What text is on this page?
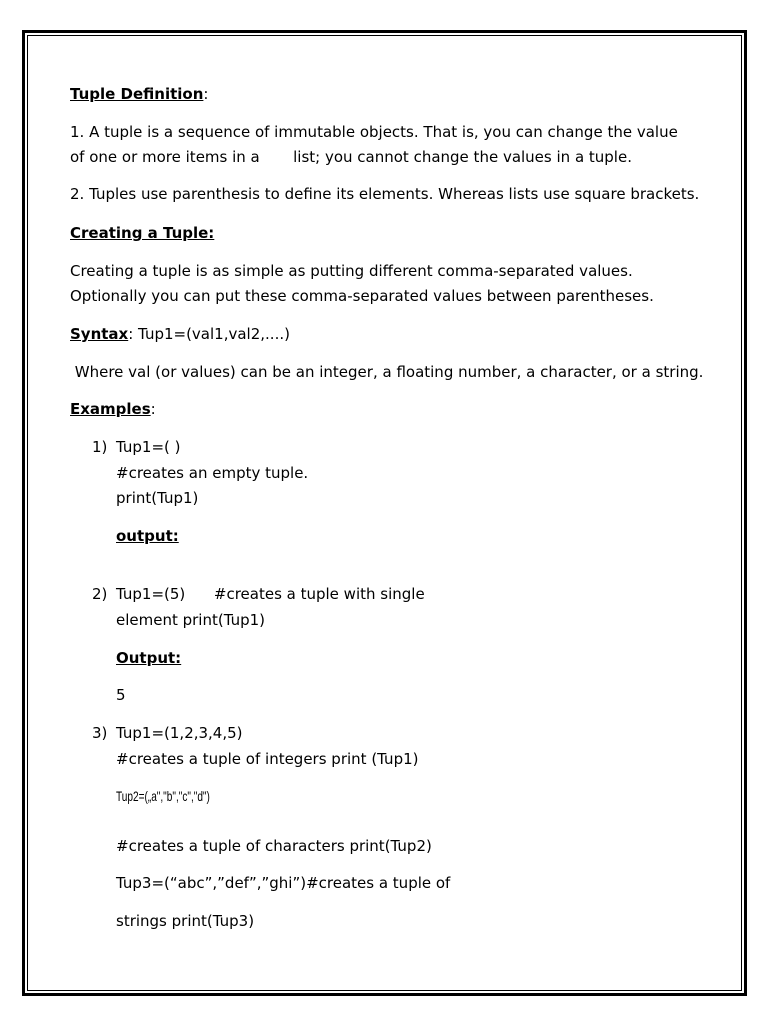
Tuple Definition:
1. A tuple is a sequence of immutable objects. That is, you can change the value
of one or more items in a       list; you cannot change the values in a tuple.
2. Tuples use parenthesis to define its elements. Whereas lists use square brackets.
Creating a Tuple:
Creating a tuple is as simple as putting different comma-separated values.
Optionally you can put these comma-separated values between parentheses.
Syntax: Tup1=(val1,val2,....)
Where val (or values) can be an integer, a floating number, a character, or a string.
Examples:
1) Tup1=( )
#creates an empty tuple.
print(Tup1)
output:
2) Tup1=(5)      #creates a tuple with single
element print(Tup1)
Output:
5
3) Tup1=(1,2,3,4,5)
#creates a tuple of integers print (Tup1)
Tup2=(„a","b","c","d")
#creates a tuple of characters print(Tup2)
Tup3=(“abc”,”def”,”ghi”)#creates a tuple of
strings print(Tup3)
